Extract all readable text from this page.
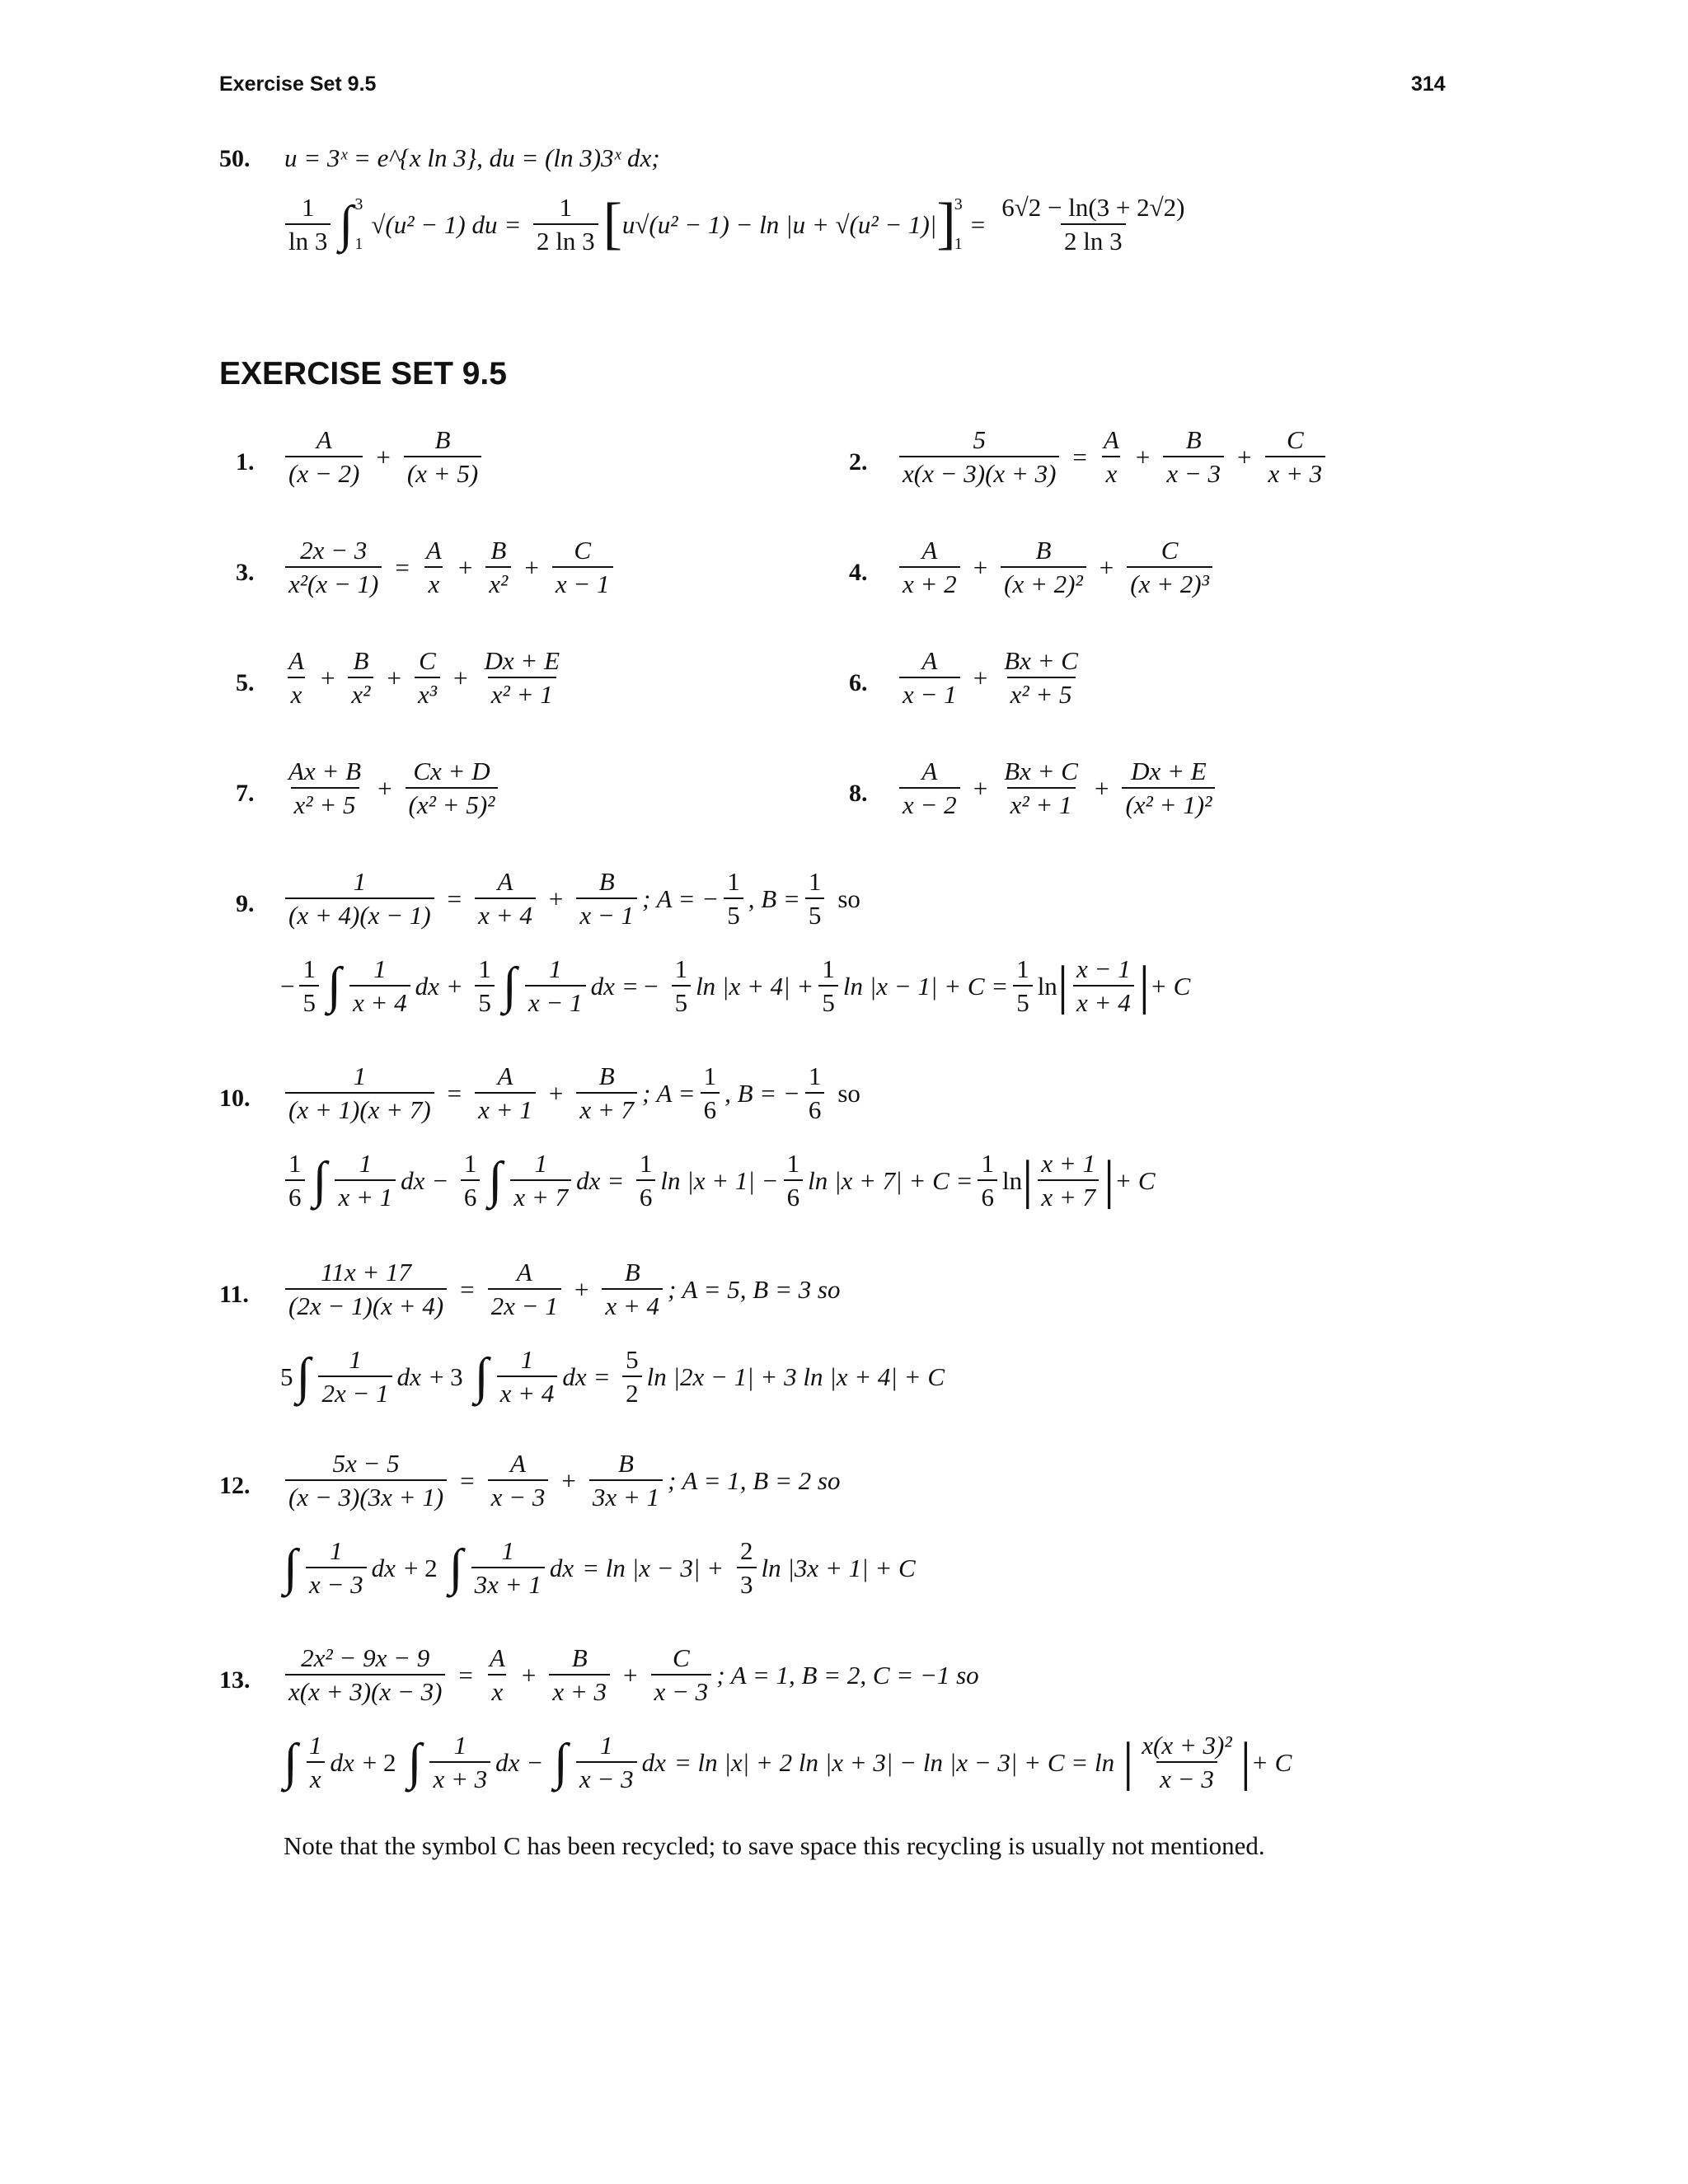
Exercise Set 9.5	314
50. u = 3ˣ = e^{x ln 3}, du = (ln 3)3ˣ dx;
$\frac{1}{\ln 3}$ ∫ 3
1
√(u² − 1) du = $\frac{1}{2 \ln 3}$ [ u√(u² − 1) − ln |u + √(u² − 1)| ]
3
1
= $\frac{6√2 - \ln(3 + 2√2)}{2 \ln 3}$
EXERCISE SET 9.5
1. $\frac{A}{(x - 2)} + \frac{B}{(x + 5)}$	2. $\frac{5}{x(x - 3)(x + 3)} = \frac{A}{x} + \frac{B}{x - 3} + \frac{C}{x + 3}$
3. $\frac{2x - 3}{\text{x²(x − 1)}} = \frac{A}{x} + \frac{B}{\text{x²}} + \frac{C}{x - 1}$	4. $\frac{A}{x + 2} + \frac{B}{\text{(x + 2)²}} + \frac{C}{\text{(x + 2)³}}$
5. $\frac{A}{x} + \frac{B}{\text{x²}} + \frac{C}{\text{x³}} + \frac{Dx + E}{\text{x² + 1}}$	6. $\frac{A}{x - 1} + \frac{Bx + C}{\text{x² + 5}}$
7. $\frac{Ax + B}{\text{x² + 5}} + \frac{Cx + D}{\text{(x² + 5)²}}$	8. $\frac{A}{x - 2} + \frac{Bx + C}{\text{x² + 1}} + \frac{Dx + E}{\text{(x² + 1)²}}$
9. $\frac{1}{(x + 4)(x - 1)} = \frac{A}{x + 4} + \frac{B}{x - 1}$ ; A = − $\frac{1}{5}$ , $B = \frac{1}{5}$ so
− $\frac{1}{5}$ ∫ $\frac{1}{x + 4}$ dx + $\frac{1}{5}$ ∫ $\frac{1}{x - 1}$ dx = − $\frac{1}{5}$ $\ln |x + 4| + \frac{1}{5}$ $\ln |x - 1| + C = \frac{1}{5}$ ln | $\frac{x - 1}{x + 4}$ | + C
10. $\frac{1}{(x + 1)(x + 7)} = \frac{A}{x + 1} + \frac{B}{x + 7}$ ; $A = \frac{1}{6}$ , B = − $\frac{1}{6}$ so
$\frac{1}{6}$ ∫ $\frac{1}{x + 1}$ dx − $\frac{1}{6}$ ∫ $\frac{1}{x + 7}$ dx = $\frac{1}{6}$ $\ln |x + 1| - \frac{1}{6}$ $\ln |x + 7| + C = \frac{1}{6}$ ln | $\frac{x + 1}{x + 7}$ | + C
11. $\frac{11x + 17}{(2x - 1)(x + 4)} = \frac{A}{2x - 1} + \frac{B}{x + 4}$ ; A = 5, B = 3 so
5 ∫ $\frac{1}{2x - 1}$ dx + 3 ∫ $\frac{1}{x + 4}$ dx = $\frac{5}{2}$ ln |2x − 1| + 3 ln |x + 4| + C
12. $\frac{5x - 5}{(x - 3)(3x + 1)} = \frac{A}{x - 3} + \frac{B}{3x + 1}$ ; A = 1, B = 2 so
∫ $\frac{1}{x - 3}$ dx + 2 ∫ $\frac{1}{3x + 1}$ dx = $\ln |x - 3| + \frac{2}{3}$ ln |3x + 1| + C
13. $\frac{\text{2x² − 9x − 9}}{x(x + 3)(x - 3)} = \frac{A}{x} + \frac{B}{x + 3} + \frac{C}{x - 3}$ ; A = 1, B = 2, C = −1 so
∫ $\frac{1}{x}$ dx + 2 ∫ $\frac{1}{x + 3}$ dx − ∫ $\frac{1}{x - 3}$ dx = ln |x| + 2 ln |x + 3| − ln |x − 3| + C = ln | $\frac{\text{x(x + 3)²}}{x - 3}$ | + C
Note that the symbol C has been recycled; to save space this recycling is usually not mentioned.
